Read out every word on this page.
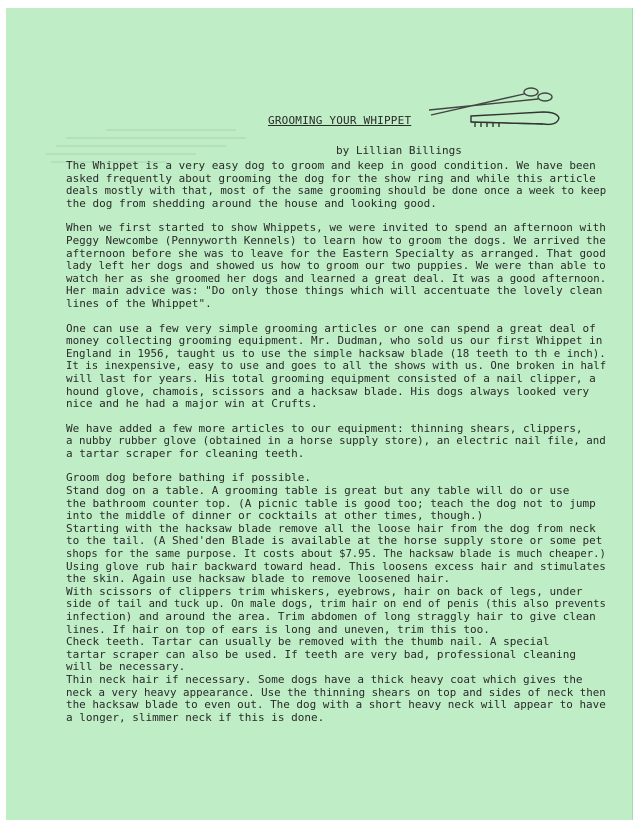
GROOMING YOUR WHIPPET
by Lillian Billings
The Whippet is a very easy dog to groom and keep in good condition. We have been
asked frequently about grooming the dog for the show ring and while this article
deals mostly with that, most of the same grooming should be done once a week to keep
the dog from shedding around the house and looking good.
When we first started to show Whippets, we were invited to spend an afternoon with
Peggy Newcombe (Pennyworth Kennels) to learn how to groom the dogs. We arrived the
afternoon before she was to leave for the Eastern Specialty as arranged. That good
lady left her dogs and showed us how to groom our two puppies. We were than able to
watch her as she groomed her dogs and learned a great deal. It was a good afternoon.
Her main advice was: "Do only those things which will accentuate the lovely clean
lines of the Whippet".
One can use a few very simple grooming articles or one can spend a great deal of
money collecting grooming equipment. Mr. Dudman, who sold us our first Whippet in
England in 1956, taught us to use the simple hacksaw blade (18 teeth to th e inch).
It is inexpensive, easy to use and goes to all the shows with us. One broken in half
will last for years. His total grooming equipment consisted of a nail clipper, a
hound glove, chamois, scissors and a hacksaw blade. His dogs always looked very
nice and he had a major win at Crufts.
We have added a few more articles to our equipment: thinning shears, clippers,
a nubby rubber glove (obtained in a horse supply store), an electric nail file, and
a tartar scraper for cleaning teeth.
Groom dog before bathing if possible.
Stand dog on a table. A grooming table is great but any table will do or use
the bathroom counter top. (A picnic table is good too; teach the dog not to jump
into the middle of dinner or cocktails at other times, though.)
Starting with the hacksaw blade remove all the loose hair from the dog from neck
to the tail. (A Shed'den Blade is available at the horse supply store or some pet
shops for the same purpose. It costs about $7.95. The hacksaw blade is much cheaper.)
Using glove rub hair backward toward head. This loosens excess hair and stimulates
the skin. Again use hacksaw blade to remove loosened hair.
With scissors of clippers trim whiskers, eyebrows, hair on back of legs, under
side of tail and tuck up. On male dogs, trim hair on end of penis (this also prevents
infection) and around the area. Trim abdomen of long straggly hair to give clean
lines. If hair on top of ears is long and uneven, trim this too.
Check teeth. Tartar can usually be removed with the thumb nail. A special
tartar scraper can also be used. If teeth are very bad, professional cleaning
will be necessary.
Thin neck hair if necessary. Some dogs have a thick heavy coat which gives the
neck a very heavy appearance. Use the thinning shears on top and sides of neck then
the hacksaw blade to even out. The dog with a short heavy neck will appear to have
a longer, slimmer neck if this is done.
